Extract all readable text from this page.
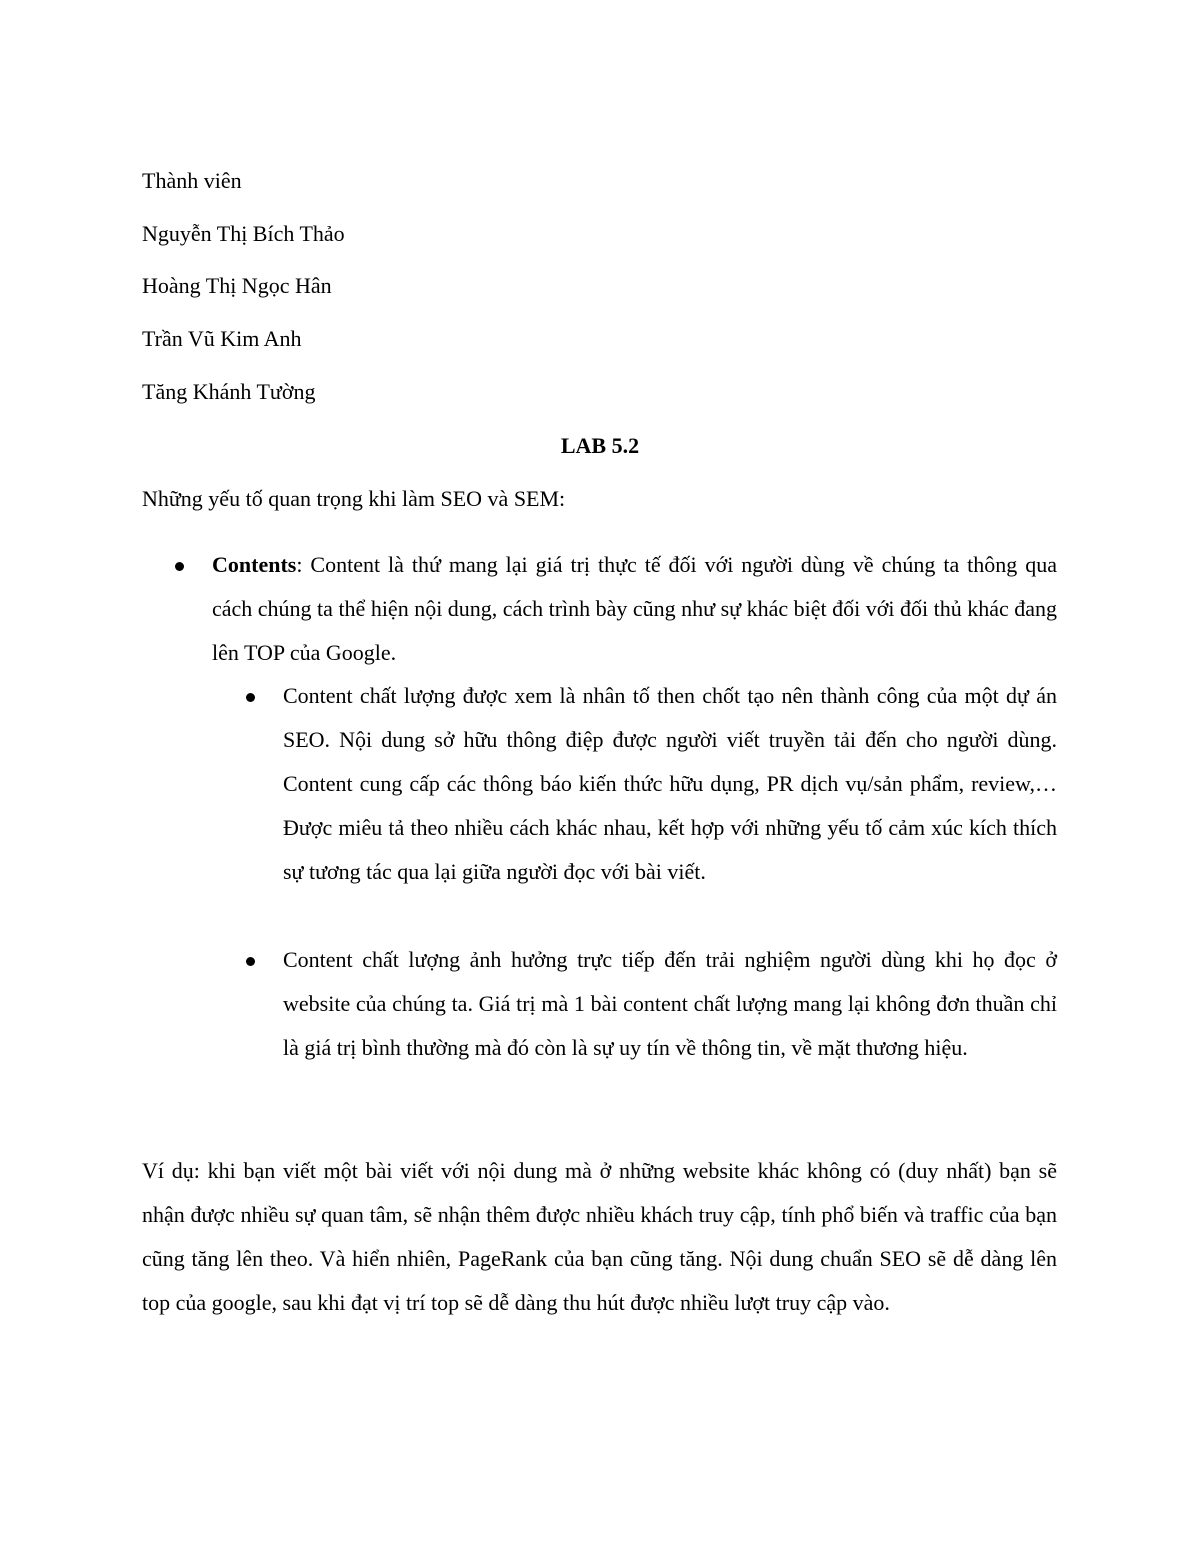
Thành viên

Nguyễn Thị Bích Thảo

Hoàng Thị Ngọc Hân

Trần Vũ Kim Anh

Tăng Khánh Tường

LAB 5.2

Những yếu tố quan trọng khi làm SEO và SEM:

Contents: Content là thứ mang lại giá trị thực tế đối với người dùng về chúng ta thông qua cách chúng ta thể hiện nội dung, cách trình bày cũng như sự khác biệt đối với đối thủ khác đang lên TOP của Google.

Content chất lượng được xem là nhân tố then chốt tạo nên thành công của một dự án SEO. Nội dung sở hữu thông điệp được người viết truyền tải đến cho người dùng. Content cung cấp các thông báo kiến thức hữu dụng, PR dịch vụ/sản phẩm, review,… Được miêu tả theo nhiều cách khác nhau, kết hợp với những yếu tố cảm xúc kích thích sự tương tác qua lại giữa người đọc với bài viết.

Content chất lượng ảnh hưởng trực tiếp đến trải nghiệm người dùng khi họ đọc ở website của chúng ta. Giá trị mà 1 bài content chất lượng mang lại không đơn thuần chỉ là giá trị bình thường mà đó còn là sự uy tín về thông tin, về mặt thương hiệu.

Ví dụ: khi bạn viết một bài viết với nội dung mà ở những website khác không có (duy nhất) bạn sẽ nhận được nhiều sự quan tâm, sẽ nhận thêm được nhiều khách truy cập, tính phổ biến và traffic của bạn cũng tăng lên theo. Và hiển nhiên, PageRank của bạn cũng tăng. Nội dung chuẩn SEO sẽ dễ dàng lên top của google, sau khi đạt vị trí top sẽ dễ dàng thu hút được nhiều lượt truy cập vào.
